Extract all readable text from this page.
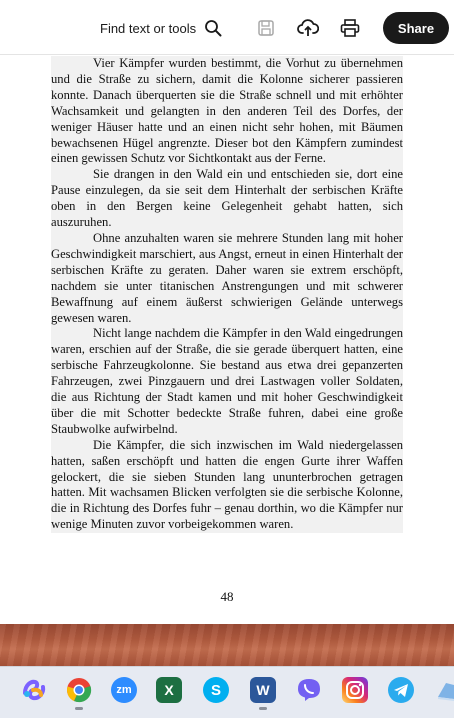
Find text or tools	Share

Vier Kämpfer wurden bestimmt, die Vorhut zu übernehmen und die Straße zu sichern, damit die Kolonne sicherer passieren konnte. Danach überquerten sie die Straße schnell und mit erhöhter Wachsamkeit und gelangten in den anderen Teil des Dorfes, der weniger Häuser hatte und an einen nicht sehr hohen, mit Bäumen bewachsenen Hügel angrenzte. Dieser bot den Kämpfern zumindest einen gewissen Schutz vor Sichtkontakt aus der Ferne.

Sie drangen in den Wald ein und entschieden sie, dort eine Pause einzulegen, da sie seit dem Hinterhalt der serbischen Kräfte oben in den Bergen keine Gelegenheit gehabt hatten, sich auszuruhen.

Ohne anzuhalten waren sie mehrere Stunden lang mit hoher Geschwindigkeit marschiert, aus Angst, erneut in einen Hinterhalt der serbischen Kräfte zu geraten. Daher waren sie extrem erschöpft, nachdem sie unter titanischen Anstrengungen und mit schwerer Bewaffnung auf einem äußerst schwierigen Gelände unterwegs gewesen waren.

Nicht lange nachdem die Kämpfer in den Wald eingedrungen waren, erschien auf der Straße, die sie gerade überquert hatten, eine serbische Fahrzeugkolonne. Sie bestand aus etwa drei gepanzerten Fahrzeugen, zwei Pinzgauern und drei Lastwagen voller Soldaten, die aus Richtung der Stadt kamen und mit hoher Geschwindigkeit über die mit Schotter bedeckte Straße fuhren, dabei eine große Staubwolke aufwirbelnd.

Die Kämpfer, die sich inzwischen im Wald niedergelassen hatten, saßen erschöpft und hatten die engen Gurte ihrer Waffen gelockert, die sie sieben Stunden lang ununterbrochen getragen hatten. Mit wachsamen Blicken verfolgten sie die serbische Kolonne, die in Richtung des Dorfes fuhr – genau dorthin, wo die Kämpfer nur wenige Minuten zuvor vorbeigekommen waren.

48
zm X S	W
